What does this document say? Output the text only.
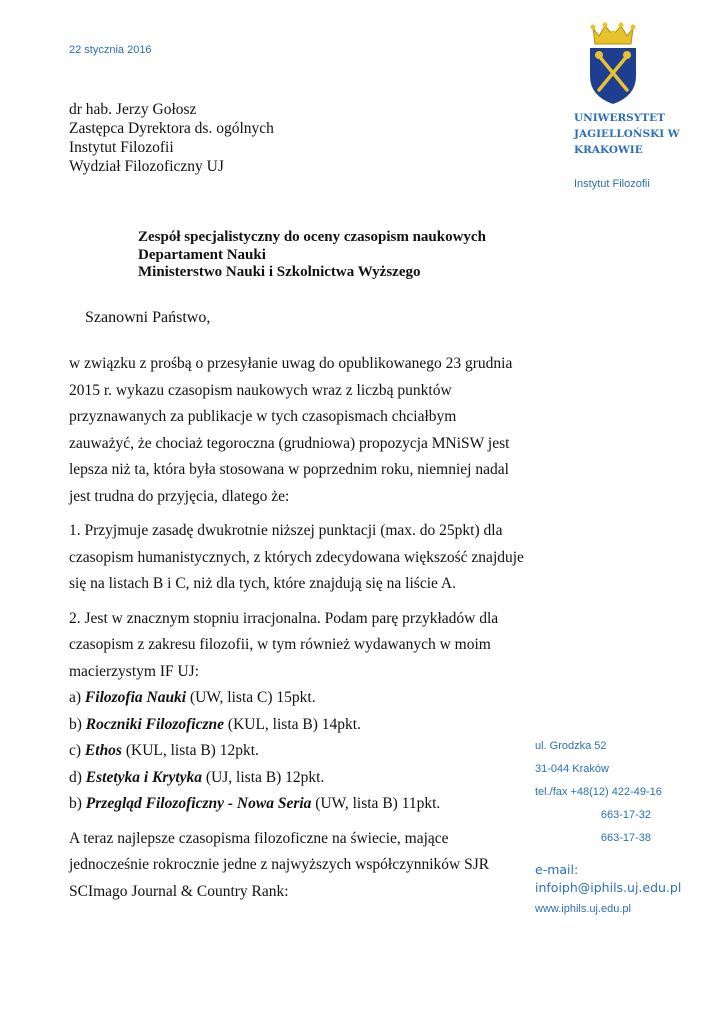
22 stycznia 2016
UNIWERSYTET
JAGIELLOŃSKI W
KRAKOWIE
Instytut Filozofii
dr hab. Jerzy Gołosz
Zastępca Dyrektora ds. ogólnych
Instytut Filozofii
Wydział Filozoficzny UJ
Zespół specjalistyczny do oceny czasopism naukowych
Departament Nauki
Ministerstwo Nauki i Szkolnictwa Wyższego
Szanowni Państwo,

w związku z prośbą o przesyłanie uwag do opublikowanego 23 grudnia 2015 r. wykazu czasopism naukowych wraz z liczbą punktów przyznawanych za publikacje w tych czasopismach chciałbym zauważyć, że chociaż tegoroczna (grudniowa) propozycja MNiSW jest lepsza niż ta, która była stosowana w poprzednim roku, niemniej nadal jest trudna do przyjęcia, dlatego że:

1. Przyjmuje zasadę dwukrotnie niższej punktacji (max. do 25pkt) dla czasopism humanistycznych, z których zdecydowana większość znajduje się na listach B i C, niż dla tych, które znajdują się na liście A.

2. Jest w znacznym stopniu irracjonalna. Podam parę przykładów dla czasopism z zakresu filozofii, w tym również wydawanych w moim macierzystym IF UJ:

a) Filozofia Nauki (UW, lista C) 15pkt.
b) Roczniki Filozoficzne (KUL, lista B) 14pkt.
c) Ethos (KUL, lista B) 12pkt.
d) Estetyka i Krytyka (UJ, lista B) 12pkt.
b) Przegląd Filozoficzny - Nowa Seria (UW, lista B) 11pkt.

A teraz najlepsze czasopisma filozoficzne na świecie, mające jednocześnie rokrocznie jedne z najwyższych współczynników SJR SCImago Journal & Country Rank:

ul. Grodzka 52
31-044 Kraków
tel./fax +48(12) 422-49-16
663-17-32
663-17-38
e-mail:
infoiph@iphils.uj.edu.pl
www.iphils.uj.edu.pl
